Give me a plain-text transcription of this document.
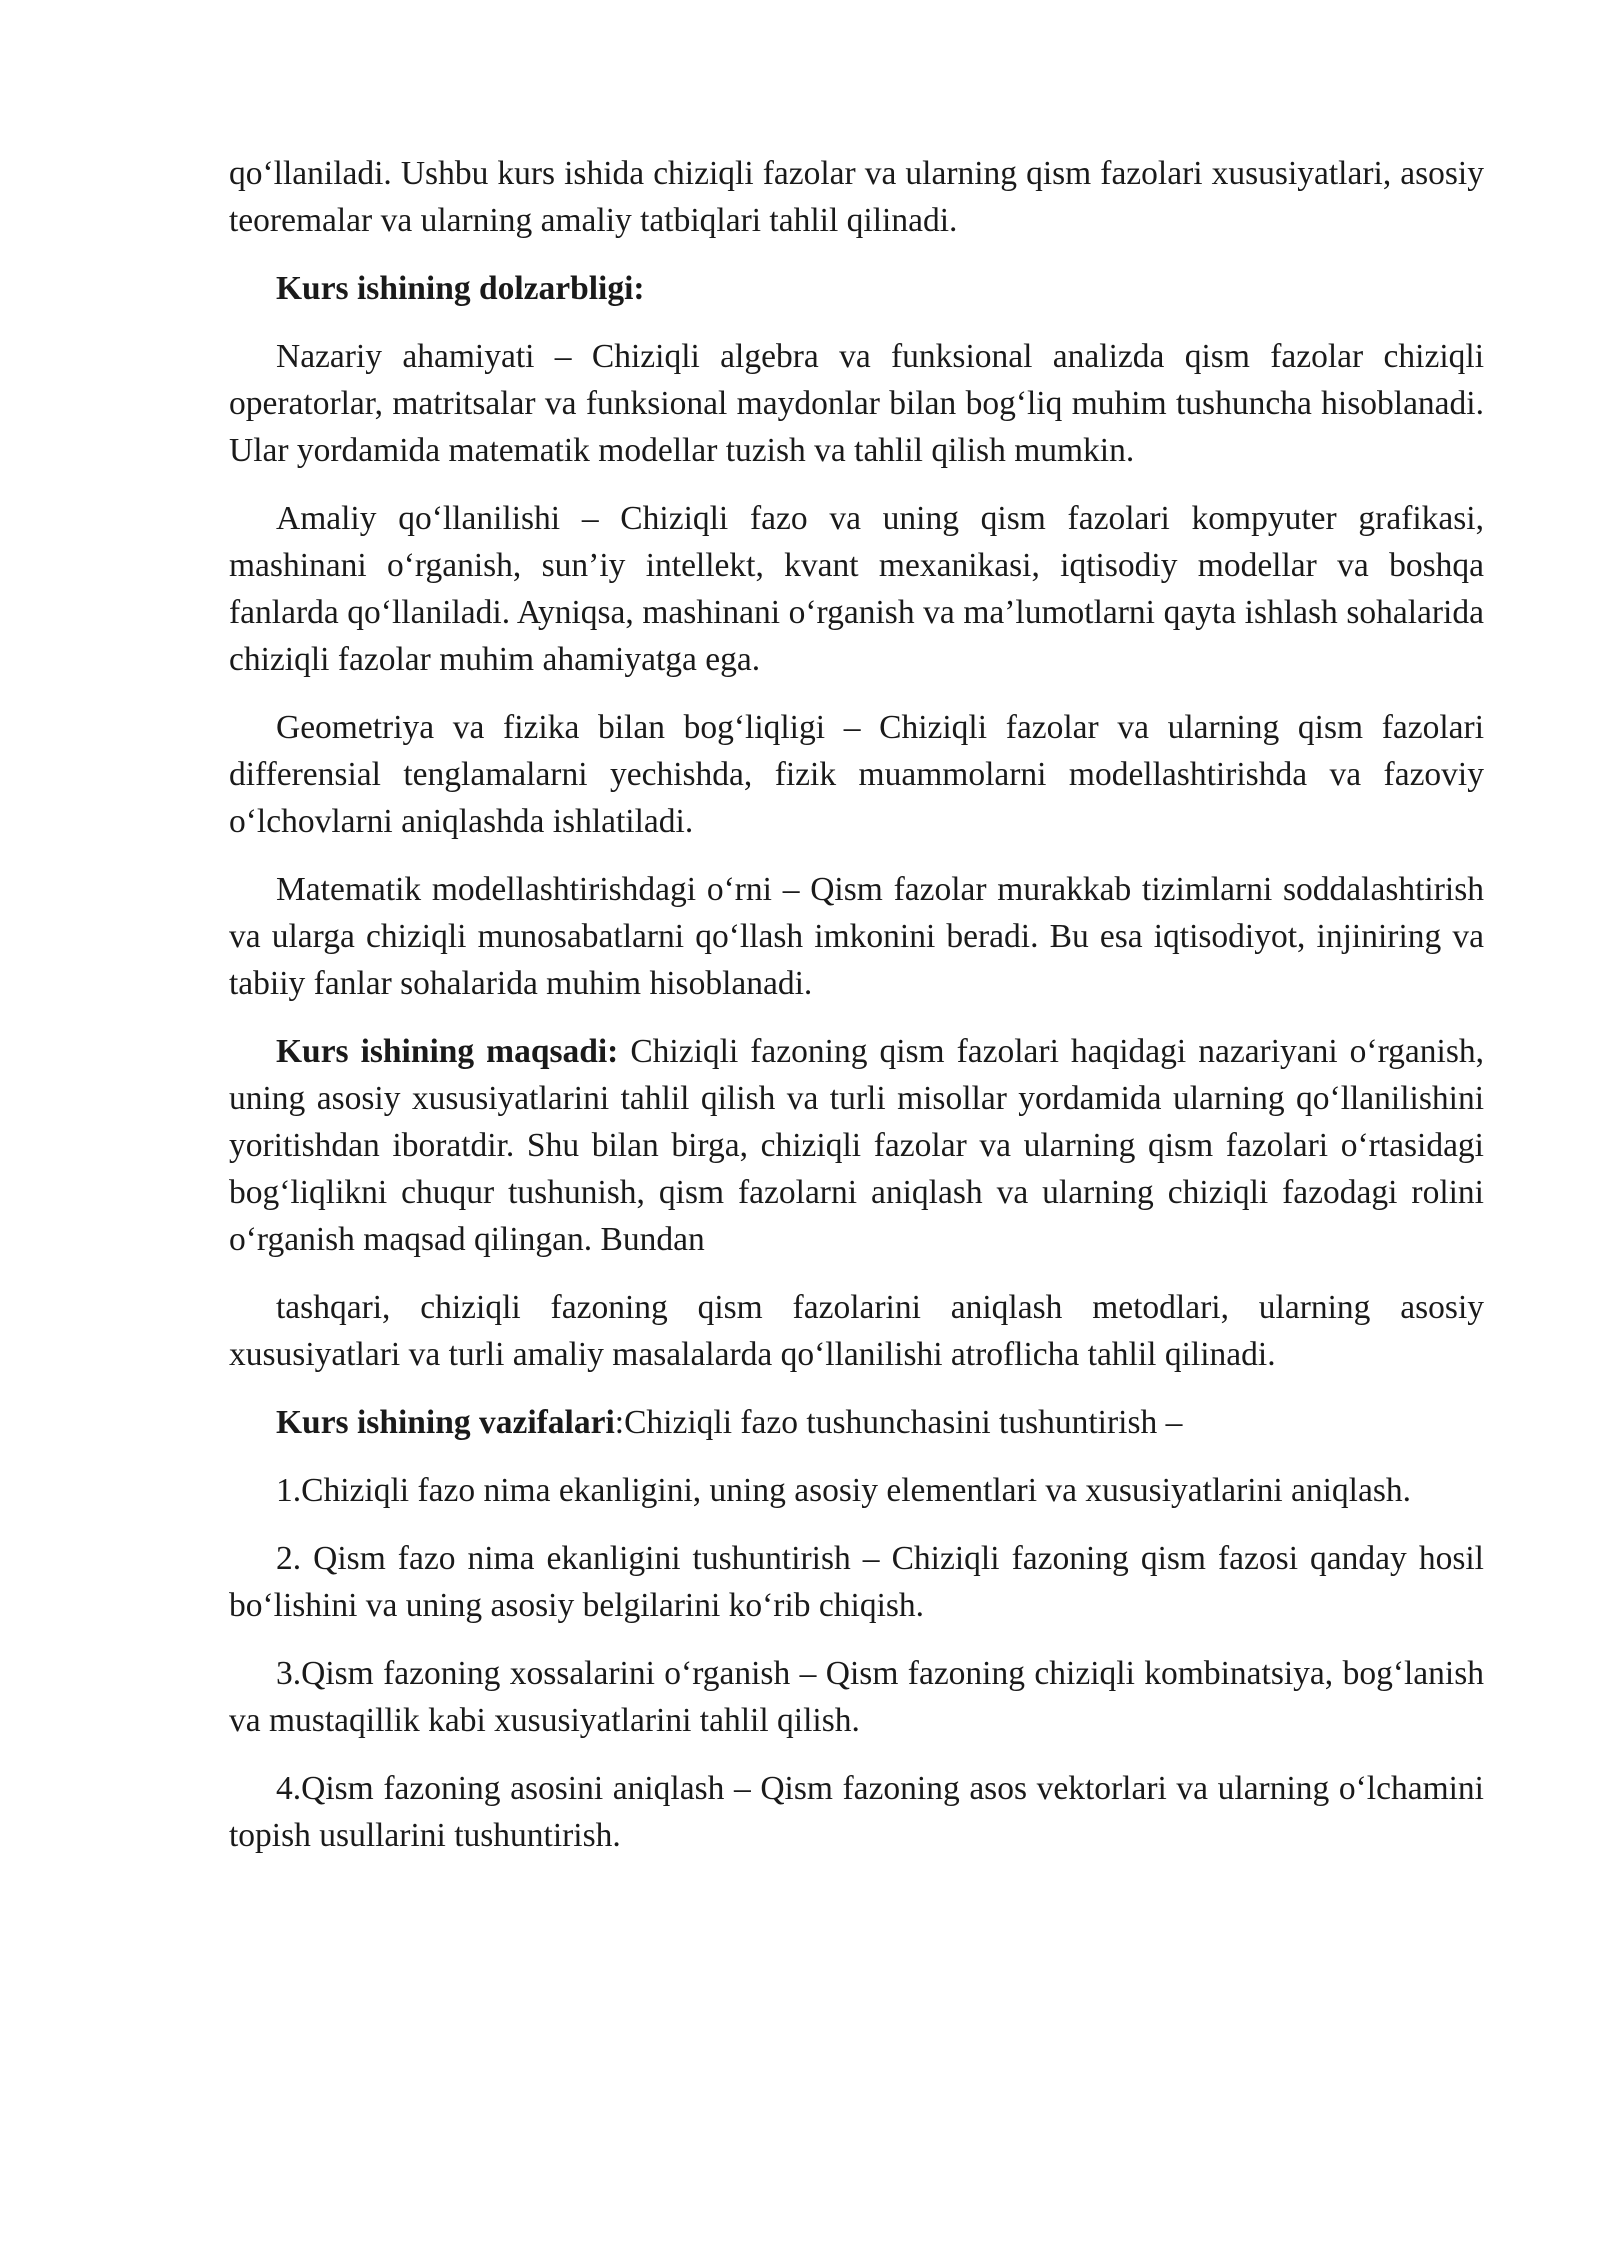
qo‘llaniladi. Ushbu kurs ishida chiziqli fazolar va ularning qism fazolari xususiyatlari, asosiy teoremalar va ularning amaliy tatbiqlari tahlil qilinadi.

Kurs ishining dolzarbligi:

Nazariy ahamiyati – Chiziqli algebra va funksional analizda qism fazolar chiziqli operatorlar, matritsalar va funksional maydonlar bilan bog‘liq muhim tushuncha hisoblanadi. Ular yordamida matematik modellar tuzish va tahlil qilish mumkin.

Amaliy qo‘llanilishi – Chiziqli fazo va uning qism fazolari kompyuter grafikasi, mashinani o‘rganish, sun’iy intellekt, kvant mexanikasi, iqtisodiy modellar va boshqa fanlarda qo‘llaniladi. Ayniqsa, mashinani o‘rganish va ma’lumotlarni qayta ishlash sohalarida chiziqli fazolar muhim ahamiyatga ega.

Geometriya va fizika bilan bog‘liqligi – Chiziqli fazolar va ularning qism fazolari differensial tenglamalarni yechishda, fizik muammolarni modellashtirishda va fazoviy o‘lchovlarni aniqlashda ishlatiladi.

Matematik modellashtirishdagi o‘rni – Qism fazolar murakkab tizimlarni soddalashtirish va ularga chiziqli munosabatlarni qo‘llash imkonini beradi. Bu esa iqtisodiyot, injiniring va tabiiy fanlar sohalarida muhim hisoblanadi.

Kurs ishining maqsadi: Chiziqli fazoning qism fazolari haqidagi nazariyani o‘rganish, uning asosiy xususiyatlarini tahlil qilish va turli misollar yordamida ularning qo‘llanilishini yoritishdan iboratdir. Shu bilan birga, chiziqli fazolar va ularning qism fazolari o‘rtasidagi bog‘liqlikni chuqur tushunish, qism fazolarni aniqlash va ularning chiziqli fazodagi rolini o‘rganish maqsad qilingan. Bundan

tashqari, chiziqli fazoning qism fazolarini aniqlash metodlari, ularning asosiy xususiyatlari va turli amaliy masalalarda qo‘llanilishi atroflicha tahlil qilinadi.

Kurs ishining vazifalari:Chiziqli fazo tushunchasini tushuntirish –

1.Chiziqli fazo nima ekanligini, uning asosiy elementlari va xususiyatlarini aniqlash.

2. Qism fazo nima ekanligini tushuntirish – Chiziqli fazoning qism fazosi qanday hosil bo‘lishini va uning asosiy belgilarini ko‘rib chiqish.

3.Qism fazoning xossalarini o‘rganish – Qism fazoning chiziqli kombinatsiya, bog‘lanish va mustaqillik kabi xususiyatlarini tahlil qilish.

4.Qism fazoning asosini aniqlash – Qism fazoning asos vektorlari va ularning o‘lchamini topish usullarini tushuntirish.
